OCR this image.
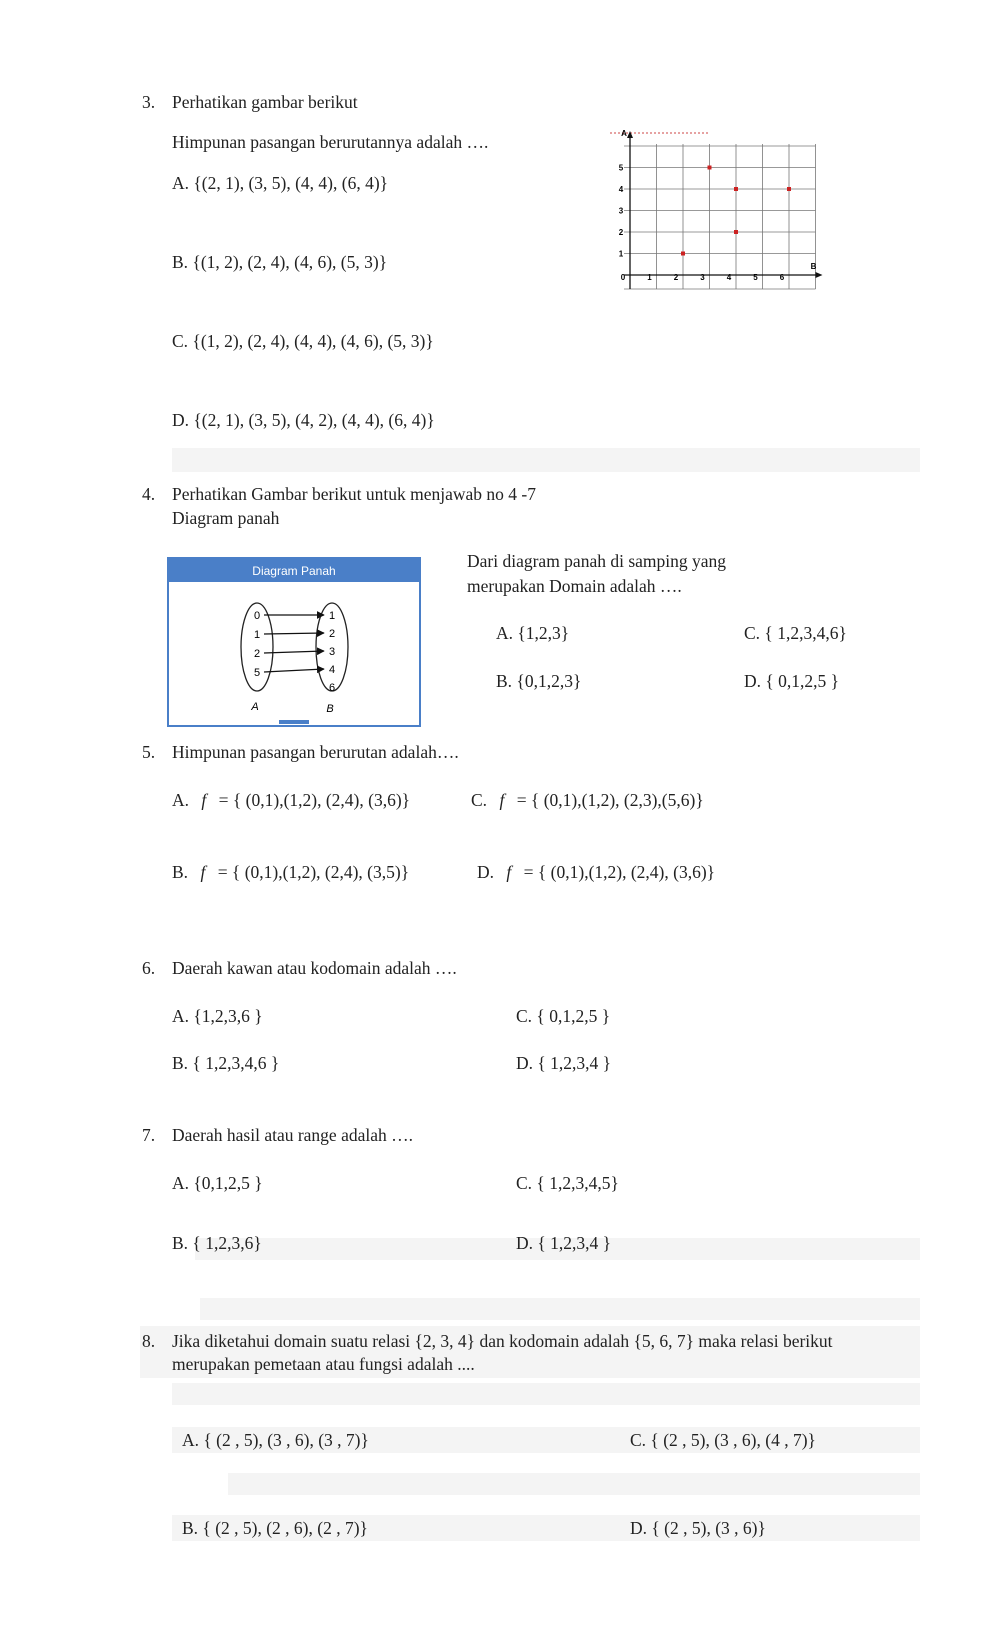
3. Perhatikan gambar berikut
Himpunan pasangan berurutannya adalah ….
A. {(2, 1), (3, 5), (4, 4), (6, 4)}
B. {(1, 2), (2, 4), (4, 6), (5, 3)}
C. {(1, 2), (2, 4), (4, 4), (4, 6), (5, 3)}
D. {(2, 1), (3, 5), (4, 2), (4, 4), (6, 4)}
A
B
0	1	2	3	4	5	6
1
2
3
4
5
4. Perhatikan Gambar berikut untuk menjawab no 4 -7
Diagram panah
Diagram Panah
0
1
2
5
1
2
3
4
6
A	B
Dari diagram panah di samping yang
merupakan Domain adalah ….
A. {1,2,3}	C. { 1,2,3,4,6}
B. {0,1,2,3}	D. { 0,1,2,5 }
5. Himpunan pasangan berurutan adalah….
A. f = { (0,1),(1,2), (2,4), (3,6)}	C. f = { (0,1),(1,2), (2,3),(5,6)}
B. f = { (0,1),(1,2), (2,4), (3,5)}	D. f = { (0,1),(1,2), (2,4), (3,6)}
6. Daerah kawan atau kodomain adalah ….
A. {1,2,3,6 }	C. { 0,1,2,5 }
B. { 1,2,3,4,6 }	D. { 1,2,3,4 }
7. Daerah hasil atau range adalah ….
A. {0,1,2,5 }	C. { 1,2,3,4,5}
B. { 1,2,3,6}	D. { 1,2,3,4 }
8. Jika diketahui domain suatu relasi {2, 3, 4} dan kodomain adalah {5, 6, 7} maka relasi berikut
merupakan pemetaan atau fungsi adalah ....
A. { (2 , 5), (3 , 6), (3 , 7)}	C. { (2 , 5), (3 , 6), (4 , 7)}
B. { (2 , 5), (2 , 6), (2 , 7)}	D. { (2 , 5), (3 , 6)}
